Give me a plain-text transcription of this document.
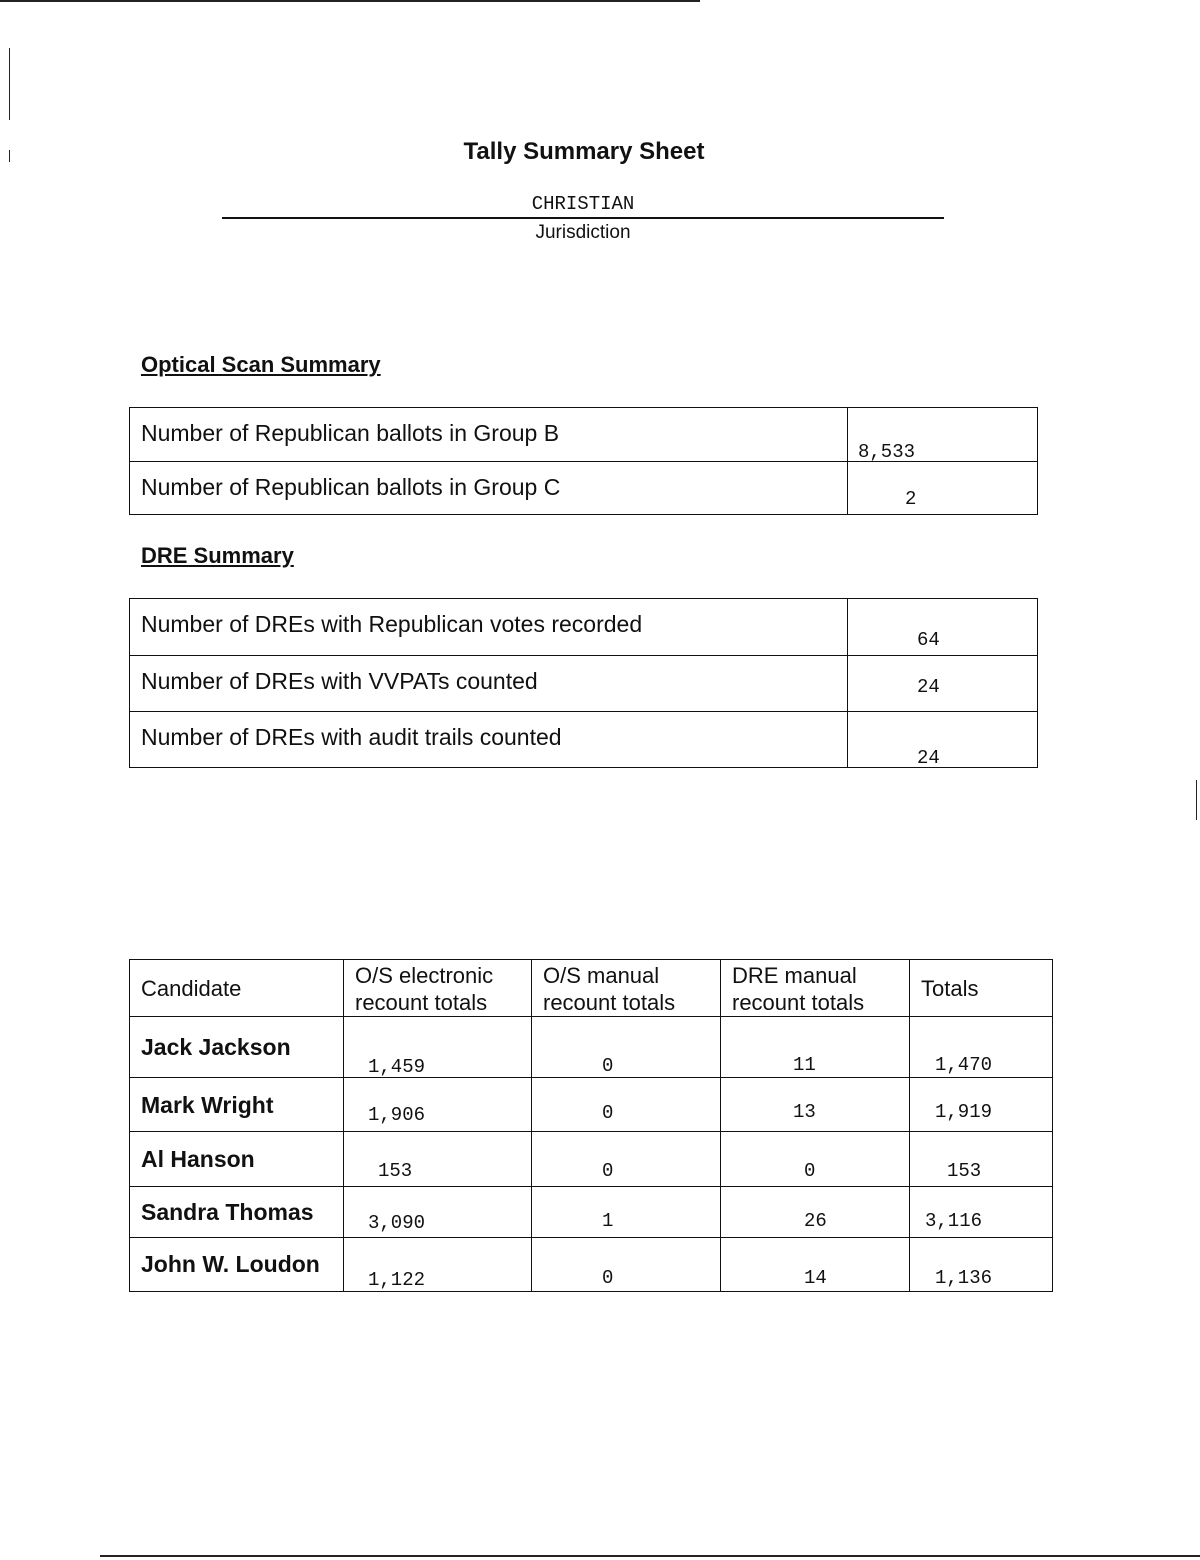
Tally Summary Sheet
CHRISTIAN
Jurisdiction
Optical Scan Summary
Number of Republican ballots in Group B	8,533

Number of Republican ballots in Group C	2
DRE Summary
Number of DREs with Republican votes recorded	64

Number of DREs with VVPATs counted	24

Number of DREs with audit trails counted	24
Candidate	O/S electronic recount totals	O/S manual recount totals	DRE manual recount totals	Totals

Jack Jackson	1,459	0	11	1,470

Mark Wright	1,906	0	13	1,919

Al Hanson	153	0	0	153

Sandra Thomas	3,090	1	26	3,116

John W. Loudon	1,122	0	14	1,136
